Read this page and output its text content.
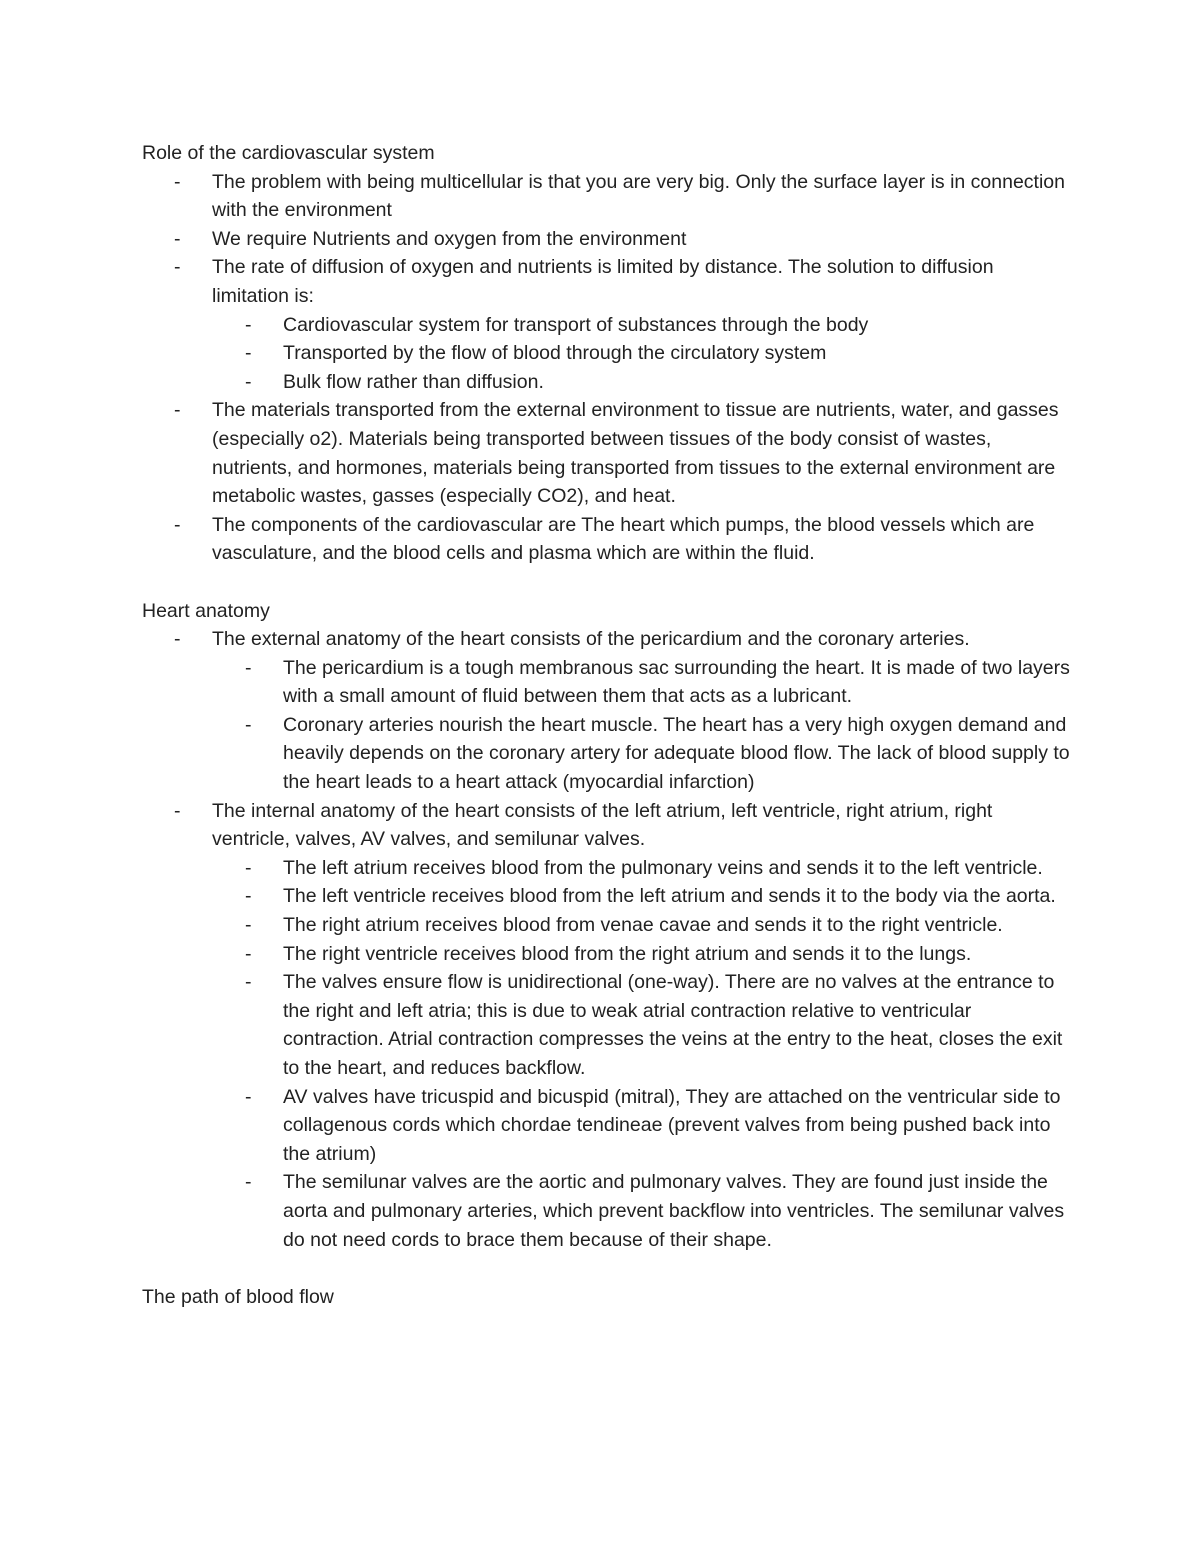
Role of the cardiovascular system

- The problem with being multicellular is that you are very big. Only the surface layer is in connection with the environment
- We require Nutrients and oxygen from the environment
- The rate of diffusion of oxygen and nutrients is limited by distance. The solution to diffusion limitation is:
- Cardiovascular system for transport of substances through the body
- Transported by the flow of blood through the circulatory system
- Bulk flow rather than diffusion.
- The materials transported from the external environment to tissue are nutrients, water, and gasses (especially o2). Materials being transported between tissues of the body consist of wastes, nutrients, and hormones, materials being transported from tissues to the external environment are metabolic wastes, gasses (especially CO2), and heat.
- The components of the cardiovascular are The heart which pumps, the blood vessels which are vasculature, and the blood cells and plasma which are within the fluid.

Heart anatomy

- The external anatomy of the heart consists of the pericardium and the coronary arteries.
- The pericardium is a tough membranous sac surrounding the heart. It is made of two layers with a small amount of fluid between them that acts as a lubricant.
- Coronary arteries nourish the heart muscle. The heart has a very high oxygen demand and heavily depends on the coronary artery for adequate blood flow. The lack of blood supply to the heart leads to a heart attack (myocardial infarction)
- The internal anatomy of the heart consists of the left atrium, left ventricle, right atrium, right ventricle, valves, AV valves, and semilunar valves.
- The left atrium receives blood from the pulmonary veins and sends it to the left ventricle.
- The left ventricle receives blood from the left atrium and sends it to the body via the aorta.
- The right atrium receives blood from venae cavae and sends it to the right ventricle.
- The right ventricle receives blood from the right atrium and sends it to the lungs.
- The valves ensure flow is unidirectional (one-way). There are no valves at the entrance to the right and left atria; this is due to weak atrial contraction relative to ventricular contraction. Atrial contraction compresses the veins at the entry to the heat, closes the exit to the heart, and reduces backflow.
- AV valves have tricuspid and bicuspid (mitral), They are attached on the ventricular side to collagenous cords which chordae tendineae (prevent valves from being pushed back into the atrium)
- The semilunar valves are the aortic and pulmonary valves. They are found just inside the aorta and pulmonary arteries, which prevent backflow into ventricles. The semilunar valves do not need cords to brace them because of their shape.

The path of blood flow
